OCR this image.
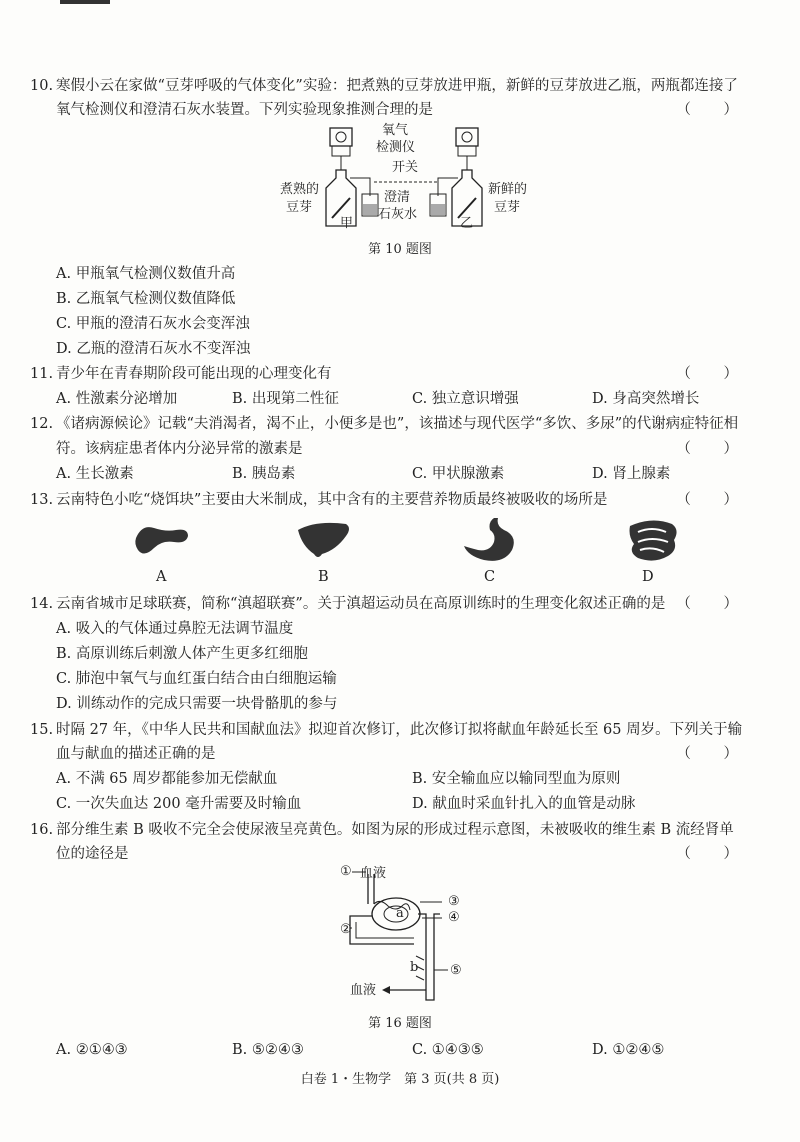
10. 寒假小云在家做“豆芽呼吸的气体变化”实验：把煮熟的豆芽放进甲瓶，新鲜的豆芽放进乙瓶，两瓶都连接了
氧气检测仪和澄清石灰水装置。下列实验现象推测合理的是	（ ）
氧气
检测仪
开关
煮熟的
豆芽
澄清
石灰水
新鲜的
豆芽
甲	乙
第 10 题图
A. 甲瓶氧气检测仪数值升高
B. 乙瓶氧气检测仪数值降低
C. 甲瓶的澄清石灰水会变浑浊
D. 乙瓶的澄清石灰水不变浑浊
11. 青少年在青春期阶段可能出现的心理变化有	（ ）
A. 性激素分泌增加	B. 出现第二性征	C. 独立意识增强	D. 身高突然增长
12. 《诸病源候论》记载“夫消渴者，渴不止，小便多是也”，该描述与现代医学“多饮、多尿”的代谢病症特征相
符。该病症患者体内分泌异常的激素是	（ ）
A. 生长激素	B. 胰岛素	C. 甲状腺激素	D. 肾上腺素
13. 云南特色小吃“烧饵块”主要由大米制成，其中含有的主要营养物质最终被吸收的场所是	（ ）
A	B	C	D
14. 云南省城市足球联赛，简称“滇超联赛”。关于滇超运动员在高原训练时的生理变化叙述正确的是 （ ）
A. 吸入的气体通过鼻腔无法调节温度
B. 高原训练后刺激人体产生更多红细胞
C. 肺泡中氧气与血红蛋白结合由白细胞运输
D. 训练动作的完成只需要一块骨骼肌的参与
15. 时隔 27 年，《中华人民共和国献血法》拟迎首次修订，此次修订拟将献血年龄延长至 65 周岁。下列关于输
血与献血的描述正确的是	（ ）
A. 不满 65 周岁都能参加无偿献血	B. 安全输血应以输同型血为原则
C. 一次失血达 200 毫升需要及时输血	D. 献血时采血针扎入的血管是动脉
16. 部分维生素 B 吸收不完全会使尿液呈亮黄色。如图为尿的形成过程示意图，未被吸收的维生素 B 流经肾单
位的途径是	（ ）
血液
①
③
a	④
②
b ⑤
血液
第 16 题图
A. ②①④③	B. ⑤②④③	C. ①④③⑤	D. ①②④⑤
白卷 1・生物学　第 3 页(共 8 页)
